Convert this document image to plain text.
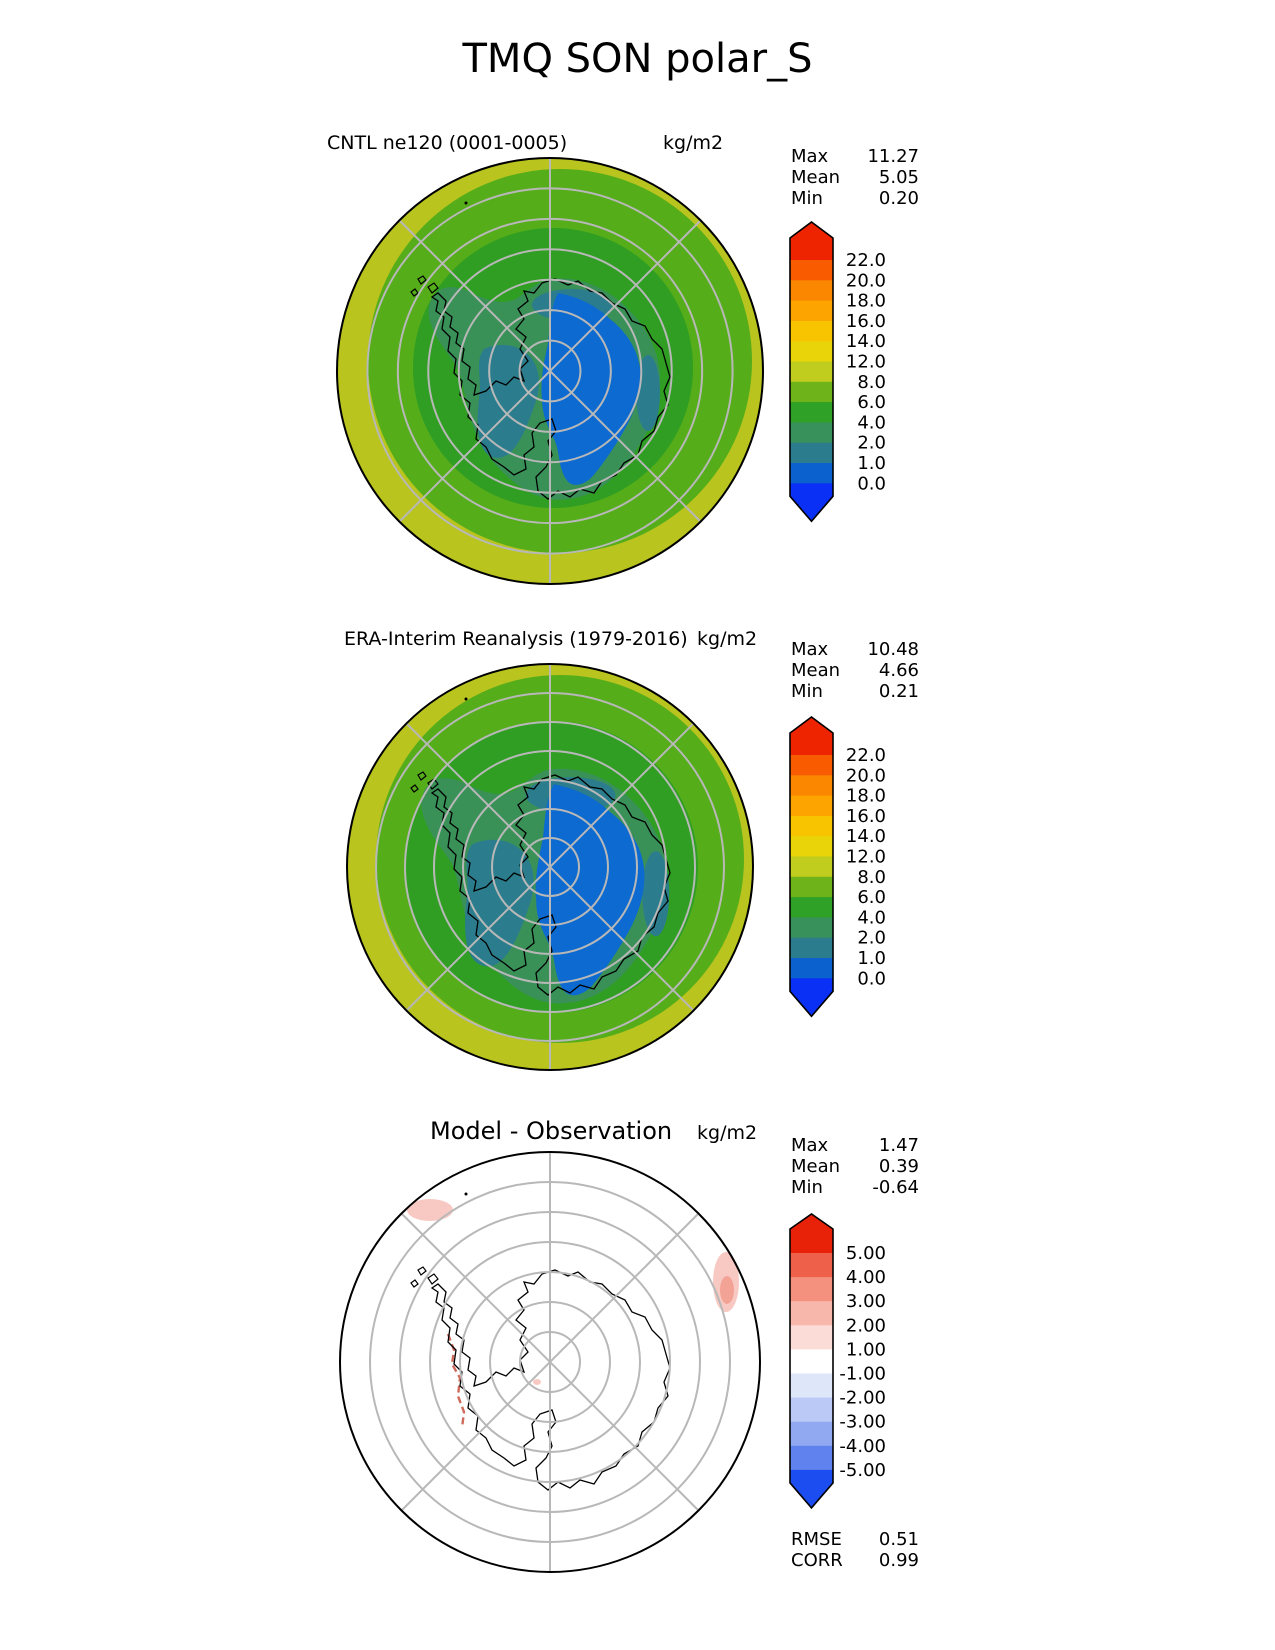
TMQ SON polar_S
CNTL ne120 (0001-0005)	kg/m2
Max 11.27
Mean 5.05
Min	0.20
ERA-Interim Reanalysis (1979-2016) kg/m2 Max 10.48
Mean 4.66
Min	0.21
Model - Observation kg/m2
Max	1.47
Mean 0.39
Min	-0.64
RMSE 0.51
CORR 0.99
22.0
20.0
18.0
16.0
14.0
12.0
8.0
6.0
4.0
2.0
1.0
0.0
22.0
20.0
18.0
16.0
14.0
12.0
8.0
6.0
4.0
2.0
1.0
0.0
5.00
4.00
3.00
2.00
1.00
-1.00
-2.00
-3.00
-4.00
-5.00
